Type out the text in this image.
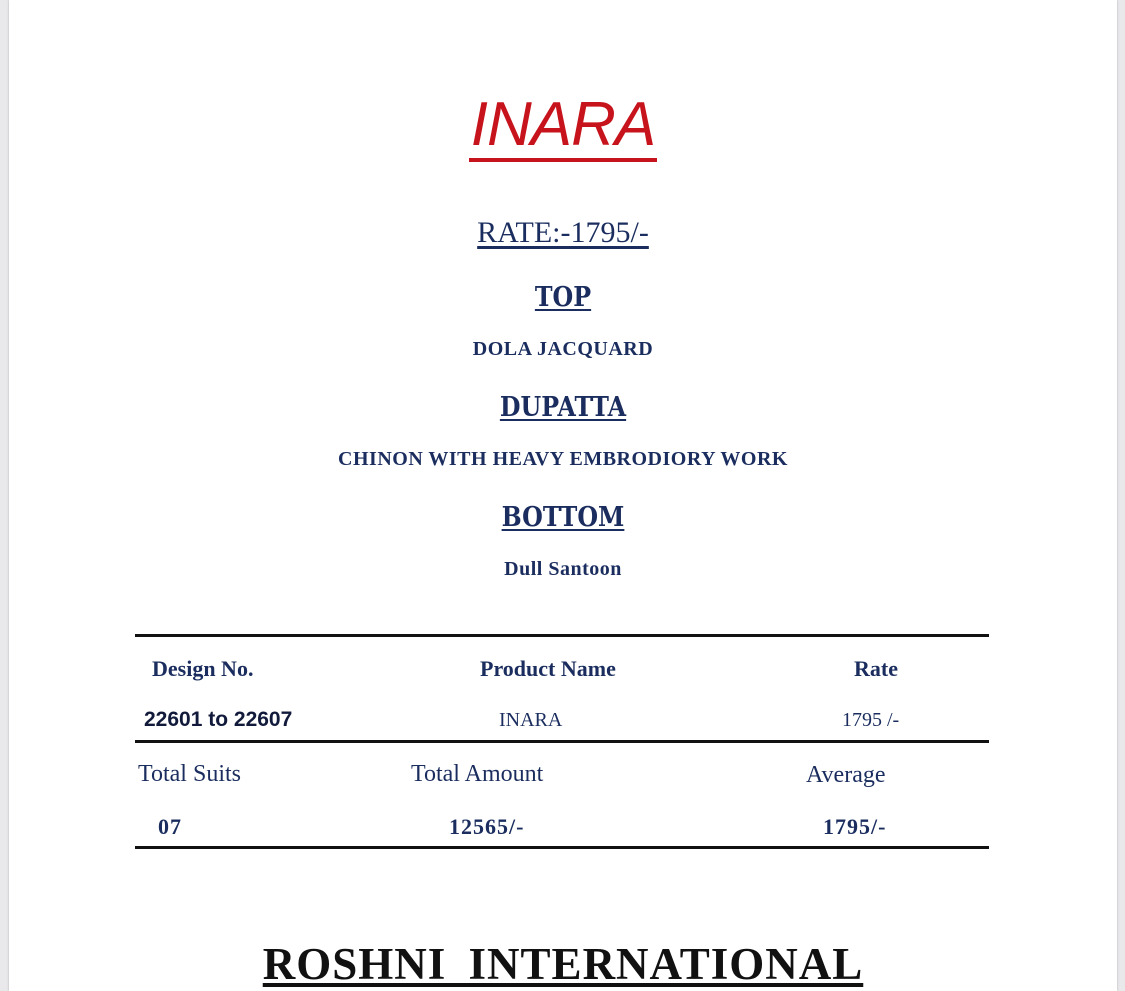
INARA
RATE:-1795/-
TOP
DOLA JACQUARD
DUPATTA
CHINON WITH HEAVY EMBRODIORY WORK
BOTTOM
Dull Santoon
Design No.	Product Name	Rate
22601 to 22607	INARA	1795 /-
Total Suits	Total Amount	Average
07	12565/-	1795/-
ROSHNI INTERNATIONAL
